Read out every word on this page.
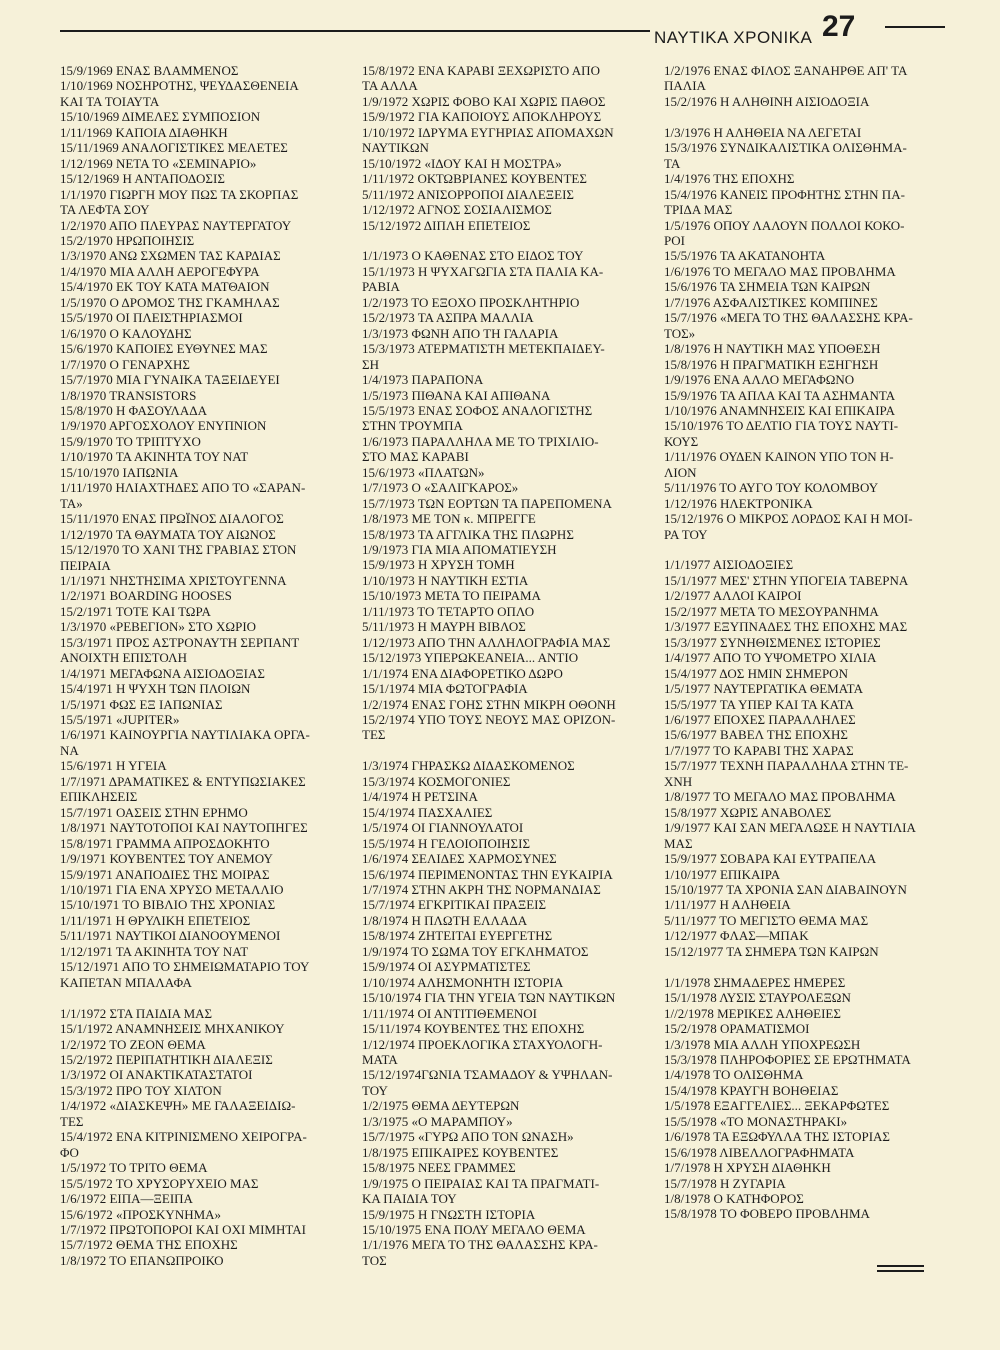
ΝΑΥΤΙΚΑ ΧΡΟΝΙΚΑ 27
15/9/1969 ΕΝΑΣ ΒΛΑΜΜΕΝΟΣ
1/10/1969 ΝΟΣΗΡΟΤΗΣ, ΨΕΥΔΑΣΘΕΝΕΙΑ
ΚΑΙ ΤΑ ΤΟΙΑΥΤΑ
15/10/1969 ΔΙΜΕΛΕΣ ΣΥΜΠΟΣΙΟΝ
1/11/1969 ΚΑΠΟΙΑ ΔΙΑΘΗΚΗ
15/11/1969 ΑΝΑΛΟΓΙΣΤΙΚΕΣ ΜΕΛΕΤΕΣ
1/12/1969 ΝΕΤΑ ΤΟ «ΣΕΜΙΝΑΡΙΟ»
15/12/1969 Η ΑΝΤΑΠΟΔΟΣΙΣ
1/1/1970 ΓΙΩΡΓΗ ΜΟΥ ΠΩΣ ΤΑ ΣΚΟΡΠΑΣ
ΤΑ ΛΕΦΤΑ ΣΟΥ
1/2/1970 ΑΠΟ ΠΛΕΥΡΑΣ ΝΑΥΤΕΡΓΑΤΟΥ
15/2/1970 ΗΡΩΠΟΙΗΣΙΣ
1/3/1970 ΑΝΩ ΣΧΩΜΕΝ ΤΑΣ ΚΑΡΔΙΑΣ
1/4/1970 ΜΙΑ ΑΛΛΗ ΑΕΡΟΓΕΦΥΡΑ
15/4/1970 ΕΚ ΤΟΥ ΚΑΤΑ ΜΑΤΘΑΙΟΝ
1/5/1970 Ο ΔΡΟΜΟΣ ΤΗΣ ΓΚΑΜΗΛΑΣ
15/5/1970 ΟΙ ΠΛΕΙΣΤΗΡΙΑΣΜΟΙ
1/6/1970 Ο ΚΑΛΟΥΔΗΣ
15/6/1970 ΚΑΠΟΙΕΣ ΕΥΘΥΝΕΣ ΜΑΣ
1/7/1970 Ο ΓΕΝΑΡΧΗΣ
15/7/1970 ΜΙΑ ΓΥΝΑΙΚΑ ΤΑΞΕΙΔΕΥΕΙ
1/8/1970 TRANSISTORS
15/8/1970 Η ΦΑΣΟΥΛΑΔΑ
1/9/1970 ΑΡΓΟΣΧΟΛΟΥ ΕΝΥΠΝΙΟΝ
15/9/1970 ΤΟ ΤΡΙΠΤΥΧΟ
1/10/1970 ΤΑ ΑΚΙΝΗΤΑ ΤΟΥ ΝΑΤ
15/10/1970 ΙΑΠΩΝΙΑ
1/11/1970 ΗΛΙΑΧΤΗΔΕΣ ΑΠΟ ΤΟ «ΣΑΡΑΝ-
ΤΑ»
15/11/1970 ΕΝΑΣ ΠΡΩΪΝΟΣ ΔΙΑΛΟΓΟΣ
1/12/1970 ΤΑ ΘΑΥΜΑΤΑ ΤΟΥ ΑΙΩΝΟΣ
15/12/1970 ΤΟ ΧΑΝΙ ΤΗΣ ΓΡΑΒΙΑΣ ΣΤΟΝ
ΠΕΙΡΑΙΑ
1/1/1971 ΝΗΣΤΗΣΙΜΑ ΧΡΙΣΤΟΥΓΕΝΝΑ
1/2/1971 BOARDING HOOSES
15/2/1971 ΤΟΤΕ ΚΑΙ ΤΩΡΑ
1/3/1970 «ΡΕΒΕΓΙΟΝ» ΣΤΟ ΧΩΡΙΟ
15/3/1971 ΠΡΟΣ ΑΣΤΡΟΝΑΥΤΗ ΣΕΡΠΑΝΤ
ΑΝΟΙΧΤΗ ΕΠΙΣΤΟΛΗ
1/4/1971 ΜΕΓΑΦΩΝΑ ΑΙΣΙΟΔΟΞΙΑΣ
15/4/1971 Η ΨΥΧΗ ΤΩΝ ΠΛΟΙΩΝ
1/5/1971 ΦΩΣ ΕΞ ΙΑΠΩΝΙΑΣ
15/5/1971 «JUPITER»
1/6/1971 ΚΑΙΝΟΥΡΓΙΑ ΝΑΥΤΙΛΙΑΚΑ ΟΡΓΑ-
ΝΑ
15/6/1971 Η ΥΓΕΙΑ
1/7/1971 ΔΡΑΜΑΤΙΚΕΣ & ΕΝΤΥΠΩΣΙΑΚΕΣ
ΕΠΙΚΛΗΣΕΙΣ
15/7/1971 ΟΑΣΕΙΣ ΣΤΗΝ ΕΡΗΜΟ
1/8/1971 ΝΑΥΤΟΤΟΠΟΙ ΚΑΙ ΝΑΥΤΟΠΗΓΕΣ
15/8/1971 ΓΡΑΜΜΑ ΑΠΡΟΣΔΟΚΗΤΟ
1/9/1971 ΚΟΥΒΕΝΤΕΣ ΤΟΥ ΑΝΕΜΟΥ
15/9/1971 ΑΝΑΠΟΔΙΕΣ ΤΗΣ ΜΟΙΡΑΣ
1/10/1971 ΓΙΑ ΕΝΑ ΧΡΥΣΟ ΜΕΤΑΛΛΙΟ
15/10/1971 ΤΟ ΒΙΒΛΙΟ ΤΗΣ ΧΡΟΝΙΑΣ
1/11/1971 Η ΘΡΥΛΙΚΗ ΕΠΕΤΕΙΟΣ
5/11/1971 ΝΑΥΤΙΚΟΙ ΔΙΑΝΟΟΥΜΕΝΟΙ
1/12/1971 ΤΑ ΑΚΙΝΗΤΑ ΤΟΥ ΝΑΤ
15/12/1971 ΑΠΟ ΤΟ ΣΗΜΕΙΩΜΑΤΑΡΙΟ ΤΟΥ
ΚΑΠΕΤΑΝ ΜΠΑΛΑΦΑ
1/1/1972 ΣΤΑ ΠΑΙΔΙΑ ΜΑΣ
15/1/1972 ΑΝΑΜΝΗΣΕΙΣ ΜΗΧΑΝΙΚΟΥ
1/2/1972 ΤΟ ΖΕΟΝ ΘΕΜΑ
15/2/1972 ΠΕΡΙΠΑΤΗΤΙΚΗ ΔΙΑΛΕΞΙΣ
1/3/1972 ΟΙ ΑΝΑΚΤΙΚΑΤΑΣΤΑΤΟΙ
15/3/1972 ΠΡΟ ΤΟΥ ΧΙΛΤΟΝ
1/4/1972 «ΔΙΑΣΚΕΨΗ» ΜΕ ΓΑΛΑΞΕΙΔΙΩ-
ΤΕΣ
15/4/1972 ΕΝΑ ΚΙΤΡΙΝΙΣΜΕΝΟ ΧΕΙΡΟΓΡΑ-
ΦΟ
1/5/1972 ΤΟ ΤΡΙΤΟ ΘΕΜΑ
15/5/1972 ΤΟ ΧΡΥΣΟΡΥΧΕΙΟ ΜΑΣ
1/6/1972 ΕΙΠΑ—ΞΕΙΠΑ
15/6/1972 «ΠΡΟΣΚΥΝΗΜΑ»
1/7/1972 ΠΡΩΤΟΠΟΡΟΙ ΚΑΙ ΟΧΙ ΜΙΜΗΤΑΙ
15/7/1972 ΘΕΜΑ ΤΗΣ ΕΠΟΧΗΣ
1/8/1972 ΤΟ ΕΠΑΝΩΠΡΟΙΚΟ
15/8/1972 ΕΝΑ ΚΑΡΑΒΙ ΞΕΧΩΡΙΣΤΟ ΑΠΟ
ΤΑ ΑΛΛΑ
1/9/1972 ΧΩΡΙΣ ΦΟΒΟ ΚΑΙ ΧΩΡΙΣ ΠΑΘΟΣ
15/9/1972 ΓΙΑ ΚΑΠΟΙΟΥΣ ΑΠΟΚΛΗΡΟΥΣ
1/10/1972 ΙΔΡΥΜΑ ΕΥΓΗΡΙΑΣ ΑΠΟΜΑΧΩΝ
ΝΑΥΤΙΚΩΝ
15/10/1972 «ΙΔΟΥ ΚΑΙ Η ΜΟΣΤΡΑ»
1/11/1972 ΟΚΤΩΒΡΙΑΝΕΣ ΚΟΥΒΕΝΤΕΣ
5/11/1972 ΑΝΙΣΟΡΡΟΠΟΙ ΔΙΑΛΕΞΕΙΣ
1/12/1972 ΑΓΝΟΣ ΣΟΣΙΑΛΙΣΜΟΣ
15/12/1972 ΔΙΠΛΗ ΕΠΕΤΕΙΟΣ
1/1/1973 Ο ΚΑΘΕΝΑΣ ΣΤΟ ΕΙΔΟΣ ΤΟΥ
15/1/1973 Η ΨΥΧΑΓΩΓΙΑ ΣΤΑ ΠΑΛΙΑ ΚΑ-
ΡΑΒΙΑ
1/2/1973 ΤΟ ΕΞΟΧΟ ΠΡΟΣΚΛΗΤΗΡΙΟ
15/2/1973 ΤΑ ΑΣΠΡΑ ΜΑΛΛΙΑ
1/3/1973 ΦΩΝΗ ΑΠΟ ΤΗ ΓΑΛΑΡΙΑ
15/3/1973 ΑΤΕΡΜΑΤΙΣΤΗ ΜΕΤΕΚΠΑΙΔΕΥ-
ΣΗ
1/4/1973 ΠΑΡΑΠΟΝΑ
1/5/1973 ΠΙΘΑΝΑ ΚΑΙ ΑΠΙΘΑΝΑ
15/5/1973 ΕΝΑΣ ΣΟΦΟΣ ΑΝΑΛΟΓΙΣΤΗΣ
ΣΤΗΝ ΤΡΟΥΜΠΑ
1/6/1973 ΠΑΡΑΛΛΗΛΑ ΜΕ ΤΟ ΤΡΙΧΙΛΙΟ-
ΣΤΟ ΜΑΣ ΚΑΡΑΒΙ
15/6/1973 «ΠΛΑΤΩΝ»
1/7/1973 Ο «ΣΑΛΙΓΚΑΡΟΣ»
15/7/1973 ΤΩΝ ΕΟΡΤΩΝ ΤΑ ΠΑΡΕΠΟΜΕΝΑ
1/8/1973 ΜΕ ΤΟΝ κ. ΜΠΡΕΓΓΕ
15/8/1973 ΤΑ ΑΓΓΛΙΚΑ ΤΗΣ ΠΛΩΡΗΣ
1/9/1973 ΓΙΑ ΜΙΑ ΑΠΟΜΑΤΙΕΥΣΗ
15/9/1973 Η ΧΡΥΣΗ ΤΟΜΗ
1/10/1973 Η ΝΑΥΤΙΚΗ ΕΣΤΙΑ
15/10/1973 ΜΕΤΑ ΤΟ ΠΕΙΡΑΜΑ
1/11/1973 ΤΟ ΤΕΤΑΡΤΟ ΟΠΛΟ
5/11/1973 Η ΜΑΥΡΗ ΒΙΒΛΟΣ
1/12/1973 ΑΠΟ ΤΗΝ ΑΛΛΗΛΟΓΡΑΦΙΑ ΜΑΣ
15/12/1973 ΥΠΕΡΩΚΕΑΝΕΙΑ... ΑΝΤΙΟ
1/1/1974 ΕΝΑ ΔΙΑΦΟΡΕΤΙΚΟ ΔΩΡΟ
15/1/1974 ΜΙΑ ΦΩΤΟΓΡΑΦΙΑ
1/2/1974 ΕΝΑΣ ΓΟΗΣ ΣΤΗΝ ΜΙΚΡΗ ΟΘΟΝΗ
15/2/1974 ΥΠΟ ΤΟΥΣ ΝΕΟΥΣ ΜΑΣ ΟΡΙΖΟΝ-
ΤΕΣ
1/3/1974 ΓΗΡΑΣΚΩ ΔΙΔΑΣΚΟΜΕΝΟΣ
15/3/1974 ΚΟΣΜΟΓΟΝΙΕΣ
1/4/1974 Η ΡΕΤΣΙΝΑ
15/4/1974 ΠΑΣΧΑΛΙΕΣ
1/5/1974 ΟΙ ΓΙΑΝΝΟΥΛΑΤΟΙ
15/5/1974 Η ΓΕΛΟΙΟΠΟΙΗΣΙΣ
1/6/1974 ΣΕΛΙΔΕΣ ΧΑΡΜΟΣΥΝΕΣ
15/6/1974 ΠΕΡΙΜΕΝΟΝΤΑΣ ΤΗΝ ΕΥΚΑΙΡΙΑ
1/7/1974 ΣΤΗΝ ΑΚΡΗ ΤΗΣ ΝΟΡΜΑΝΔΙΑΣ
15/7/1974 ΕΓΚΡΙΤΙΚΑΙ ΠΡΑΞΕΙΣ
1/8/1974 Η ΠΛΩΤΗ ΕΛΛΑΔΑ
15/8/1974 ΖΗΤΕΙΤΑΙ ΕΥΕΡΓΕΤΗΣ
1/9/1974 ΤΟ ΣΩΜΑ ΤΟΥ ΕΓΚΛΗΜΑΤΟΣ
15/9/1974 ΟΙ ΑΣΥΡΜΑΤΙΣΤΕΣ
1/10/1974 ΑΛΗΣΜΟΝΗΤΗ ΙΣΤΟΡΙΑ
15/10/1974 ΓΙΑ ΤΗΝ ΥΓΕΙΑ ΤΩΝ ΝΑΥΤΙΚΩΝ
1/11/1974 ΟΙ ΑΝΤΙΤΙΘΕΜΕΝΟΙ
15/11/1974 ΚΟΥΒΕΝΤΕΣ ΤΗΣ ΕΠΟΧΗΣ
1/12/1974 ΠΡΟΕΚΛΟΓΙΚΑ ΣΤΑΧΥΟΛΟΓΗ-
ΜΑΤΑ
15/12/1974ΓΩΝΙΑ ΤΣΑΜΑΔΟΥ & ΥΨΗΛΑΝ-
ΤΟΥ
1/2/1975 ΘΕΜΑ ΔΕΥΤΕΡΩΝ
1/3/1975 «Ο ΜΑΡΑΜΠΟΥ»
15/7/1975 «ΓΥΡΩ ΑΠΟ ΤΟΝ ΩΝΑΣΗ»
1/8/1975 ΕΠΙΚΑΙΡΕΣ ΚΟΥΒΕΝΤΕΣ
15/8/1975 ΝΕΕΣ ΓΡΑΜΜΕΣ
1/9/1975 Ο ΠΕΙΡΑΙΑΣ ΚΑΙ ΤΑ ΠΡΑΓΜΑΤΙ-
ΚΑ ΠΑΙΔΙΑ ΤΟΥ
15/9/1975 Η ΓΝΩΣΤΗ ΙΣΤΟΡΙΑ
15/10/1975 ΕΝΑ ΠΟΛΥ ΜΕΓΑΛΟ ΘΕΜΑ
1/1/1976 ΜΕΓΑ ΤΟ ΤΗΣ ΘΑΛΑΣΣΗΣ ΚΡΑ-
ΤΟΣ
1/2/1976 ΕΝΑΣ ΦΙΛΟΣ ΞΑΝΑΗΡΘΕ ΑΠ' ΤΑ
ΠΑΛΙΑ
15/2/1976 Η ΑΛΗΘΙΝΗ ΑΙΣΙΟΔΟΞΙΑ
1/3/1976 Η ΑΛΗΘΕΙΑ ΝΑ ΛΕΓΕΤΑΙ
15/3/1976 ΣΥΝΔΙΚΑΛΙΣΤΙΚΑ ΟΛΙΣΘΗΜΑ-
ΤΑ
1/4/1976 ΤΗΣ ΕΠΟΧΗΣ
15/4/1976 ΚΑΝΕΙΣ ΠΡΟΦΗΤΗΣ ΣΤΗΝ ΠΑ-
ΤΡΙΔΑ ΜΑΣ
1/5/1976 ΟΠΟΥ ΛΑΛΟΥΝ ΠΟΛΛΟΙ ΚΟΚΟ-
ΡΟΙ
15/5/1976 ΤΑ ΑΚΑΤΑΝΟΗΤΑ
1/6/1976 ΤΟ ΜΕΓΑΛΟ ΜΑΣ ΠΡΟΒΛΗΜΑ
15/6/1976 ΤΑ ΣΗΜΕΙΑ ΤΩΝ ΚΑΙΡΩΝ
1/7/1976 ΑΣΦΑΛΙΣΤΙΚΕΣ ΚΟΜΠΙΝΕΣ
15/7/1976 «ΜΕΓΑ ΤΟ ΤΗΣ ΘΑΛΑΣΣΗΣ ΚΡΑ-
ΤΟΣ»
1/8/1976 Η ΝΑΥΤΙΚΗ ΜΑΣ ΥΠΟΘΕΣΗ
15/8/1976 Η ΠΡΑΓΜΑΤΙΚΗ ΕΞΗΓΗΣΗ
1/9/1976 ΕΝΑ ΑΛΛΟ ΜΕΓΑΦΩΝΟ
15/9/1976 ΤΑ ΑΠΛΑ ΚΑΙ ΤΑ ΑΣΗΜΑΝΤΑ
1/10/1976 ΑΝΑΜΝΗΣΕΙΣ ΚΑΙ ΕΠΙΚΑΙΡΑ
15/10/1976 ΤΟ ΔΕΛΤΙΟ ΓΙΑ ΤΟΥΣ ΝΑΥΤΙ-
ΚΟΥΣ
1/11/1976 ΟΥΔΕΝ ΚΑΙΝΟΝ ΥΠΟ ΤΟΝ Η-
ΛΙΟΝ
5/11/1976 ΤΟ ΑΥΓΟ ΤΟΥ ΚΟΛΟΜΒΟΥ
1/12/1976 ΗΛΕΚΤΡΟΝΙΚΑ
15/12/1976 Ο ΜΙΚΡΟΣ ΛΟΡΔΟΣ ΚΑΙ Η ΜΟΙ-
ΡΑ ΤΟΥ
1/1/1977 ΑΙΣΙΟΔΟΞΙΕΣ
15/1/1977 ΜΕΣ' ΣΤΗΝ ΥΠΟΓΕΙΑ ΤΑΒΕΡΝΑ
1/2/1977 ΑΛΛΟΙ ΚΑΙΡΟΙ
15/2/1977 ΜΕΤΑ ΤΟ ΜΕΣΟΥΡΑΝΗΜΑ
1/3/1977 ΕΞΥΠΝΑΔΕΣ ΤΗΣ ΕΠΟΧΗΣ ΜΑΣ
15/3/1977 ΣΥΝΗΘΙΣΜΕΝΕΣ ΙΣΤΟΡΙΕΣ
1/4/1977 ΑΠΟ ΤΟ ΥΨΟΜΕΤΡΟ ΧΙΛΙΑ
15/4/1977 ΔΟΣ ΗΜΙΝ ΣΗΜΕΡΟΝ
1/5/1977 ΝΑΥΤΕΡΓΑΤΙΚΑ ΘΕΜΑΤΑ
15/5/1977 ΤΑ ΥΠΕΡ ΚΑΙ ΤΑ ΚΑΤΑ
1/6/1977 ΕΠΟΧΕΣ ΠΑΡΑΛΛΗΛΕΣ
15/6/1977 ΒΑΒΕΛ ΤΗΣ ΕΠΟΧΗΣ
1/7/1977 ΤΟ ΚΑΡΑΒΙ ΤΗΣ ΧΑΡΑΣ
15/7/1977 ΤΕΧΝΗ ΠΑΡΑΛΛΗΛΑ ΣΤΗΝ ΤΕ-
ΧΝΗ
1/8/1977 ΤΟ ΜΕΓΑΛΟ ΜΑΣ ΠΡΟΒΛΗΜΑ
15/8/1977 ΧΩΡΙΣ ΑΝΑΒΟΛΕΣ
1/9/1977 ΚΑΙ ΣΑΝ ΜΕΓΑΛΩΣΕ Η ΝΑΥΤΙΛΙΑ
ΜΑΣ
15/9/1977 ΣΟΒΑΡΑ ΚΑΙ ΕΥΤΡΑΠΕΛΑ
1/10/1977 ΕΠΙΚΑΙΡΑ
15/10/1977 ΤΑ ΧΡΟΝΙΑ ΣΑΝ ΔΙΑΒΑΙΝΟΥΝ
1/11/1977 Η ΑΛΗΘΕΙΑ
5/11/1977 ΤΟ ΜΕΓΙΣΤΟ ΘΕΜΑ ΜΑΣ
1/12/1977 ΦΛΑΣ—ΜΠΑΚ
15/12/1977 ΤΑ ΣΗΜΕΡΑ ΤΩΝ ΚΑΙΡΩΝ
1/1/1978 ΣΗΜΑΔΕΡΕΣ ΗΜΕΡΕΣ
15/1/1978 ΛΥΣΙΣ ΣΤΑΥΡΟΛΕΞΩΝ
1//2/1978 ΜΕΡΙΚΕΣ ΑΛΗΘΕΙΕΣ
15/2/1978 ΟΡΑΜΑΤΙΣΜΟΙ
1/3/1978 ΜΙΑ ΑΛΛΗ ΥΠΟΧΡΕΩΣΗ
15/3/1978 ΠΛΗΡΟΦΟΡΙΕΣ ΣΕ ΕΡΩΤΗΜΑΤΑ
1/4/1978 ΤΟ ΟΛΙΣΘΗΜΑ
15/4/1978 ΚΡΑΥΓΗ ΒΟΗΘΕΙΑΣ
1/5/1978 ΕΞΑΓΓΕΛΙΕΣ... ΞΕΚΑΡΦΩΤΕΣ
15/5/1978 «ΤΟ ΜΟΝΑΣΤΗΡΑΚΙ»
1/6/1978 ΤΑ ΕΞΩΦΥΛΛΑ ΤΗΣ ΙΣΤΟΡΙΑΣ
15/6/1978 ΛΙΒΕΛΛΟΓΡΑΦΗΜΑΤΑ
1/7/1978 Η ΧΡΥΣΗ ΔΙΑΘΗΚΗ
15/7/1978 Η ΖΥΓΑΡΙΑ
1/8/1978 Ο ΚΑΤΗΦΟΡΟΣ
15/8/1978 ΤΟ ΦΟΒΕΡΟ ΠΡΟΒΛΗΜΑ
